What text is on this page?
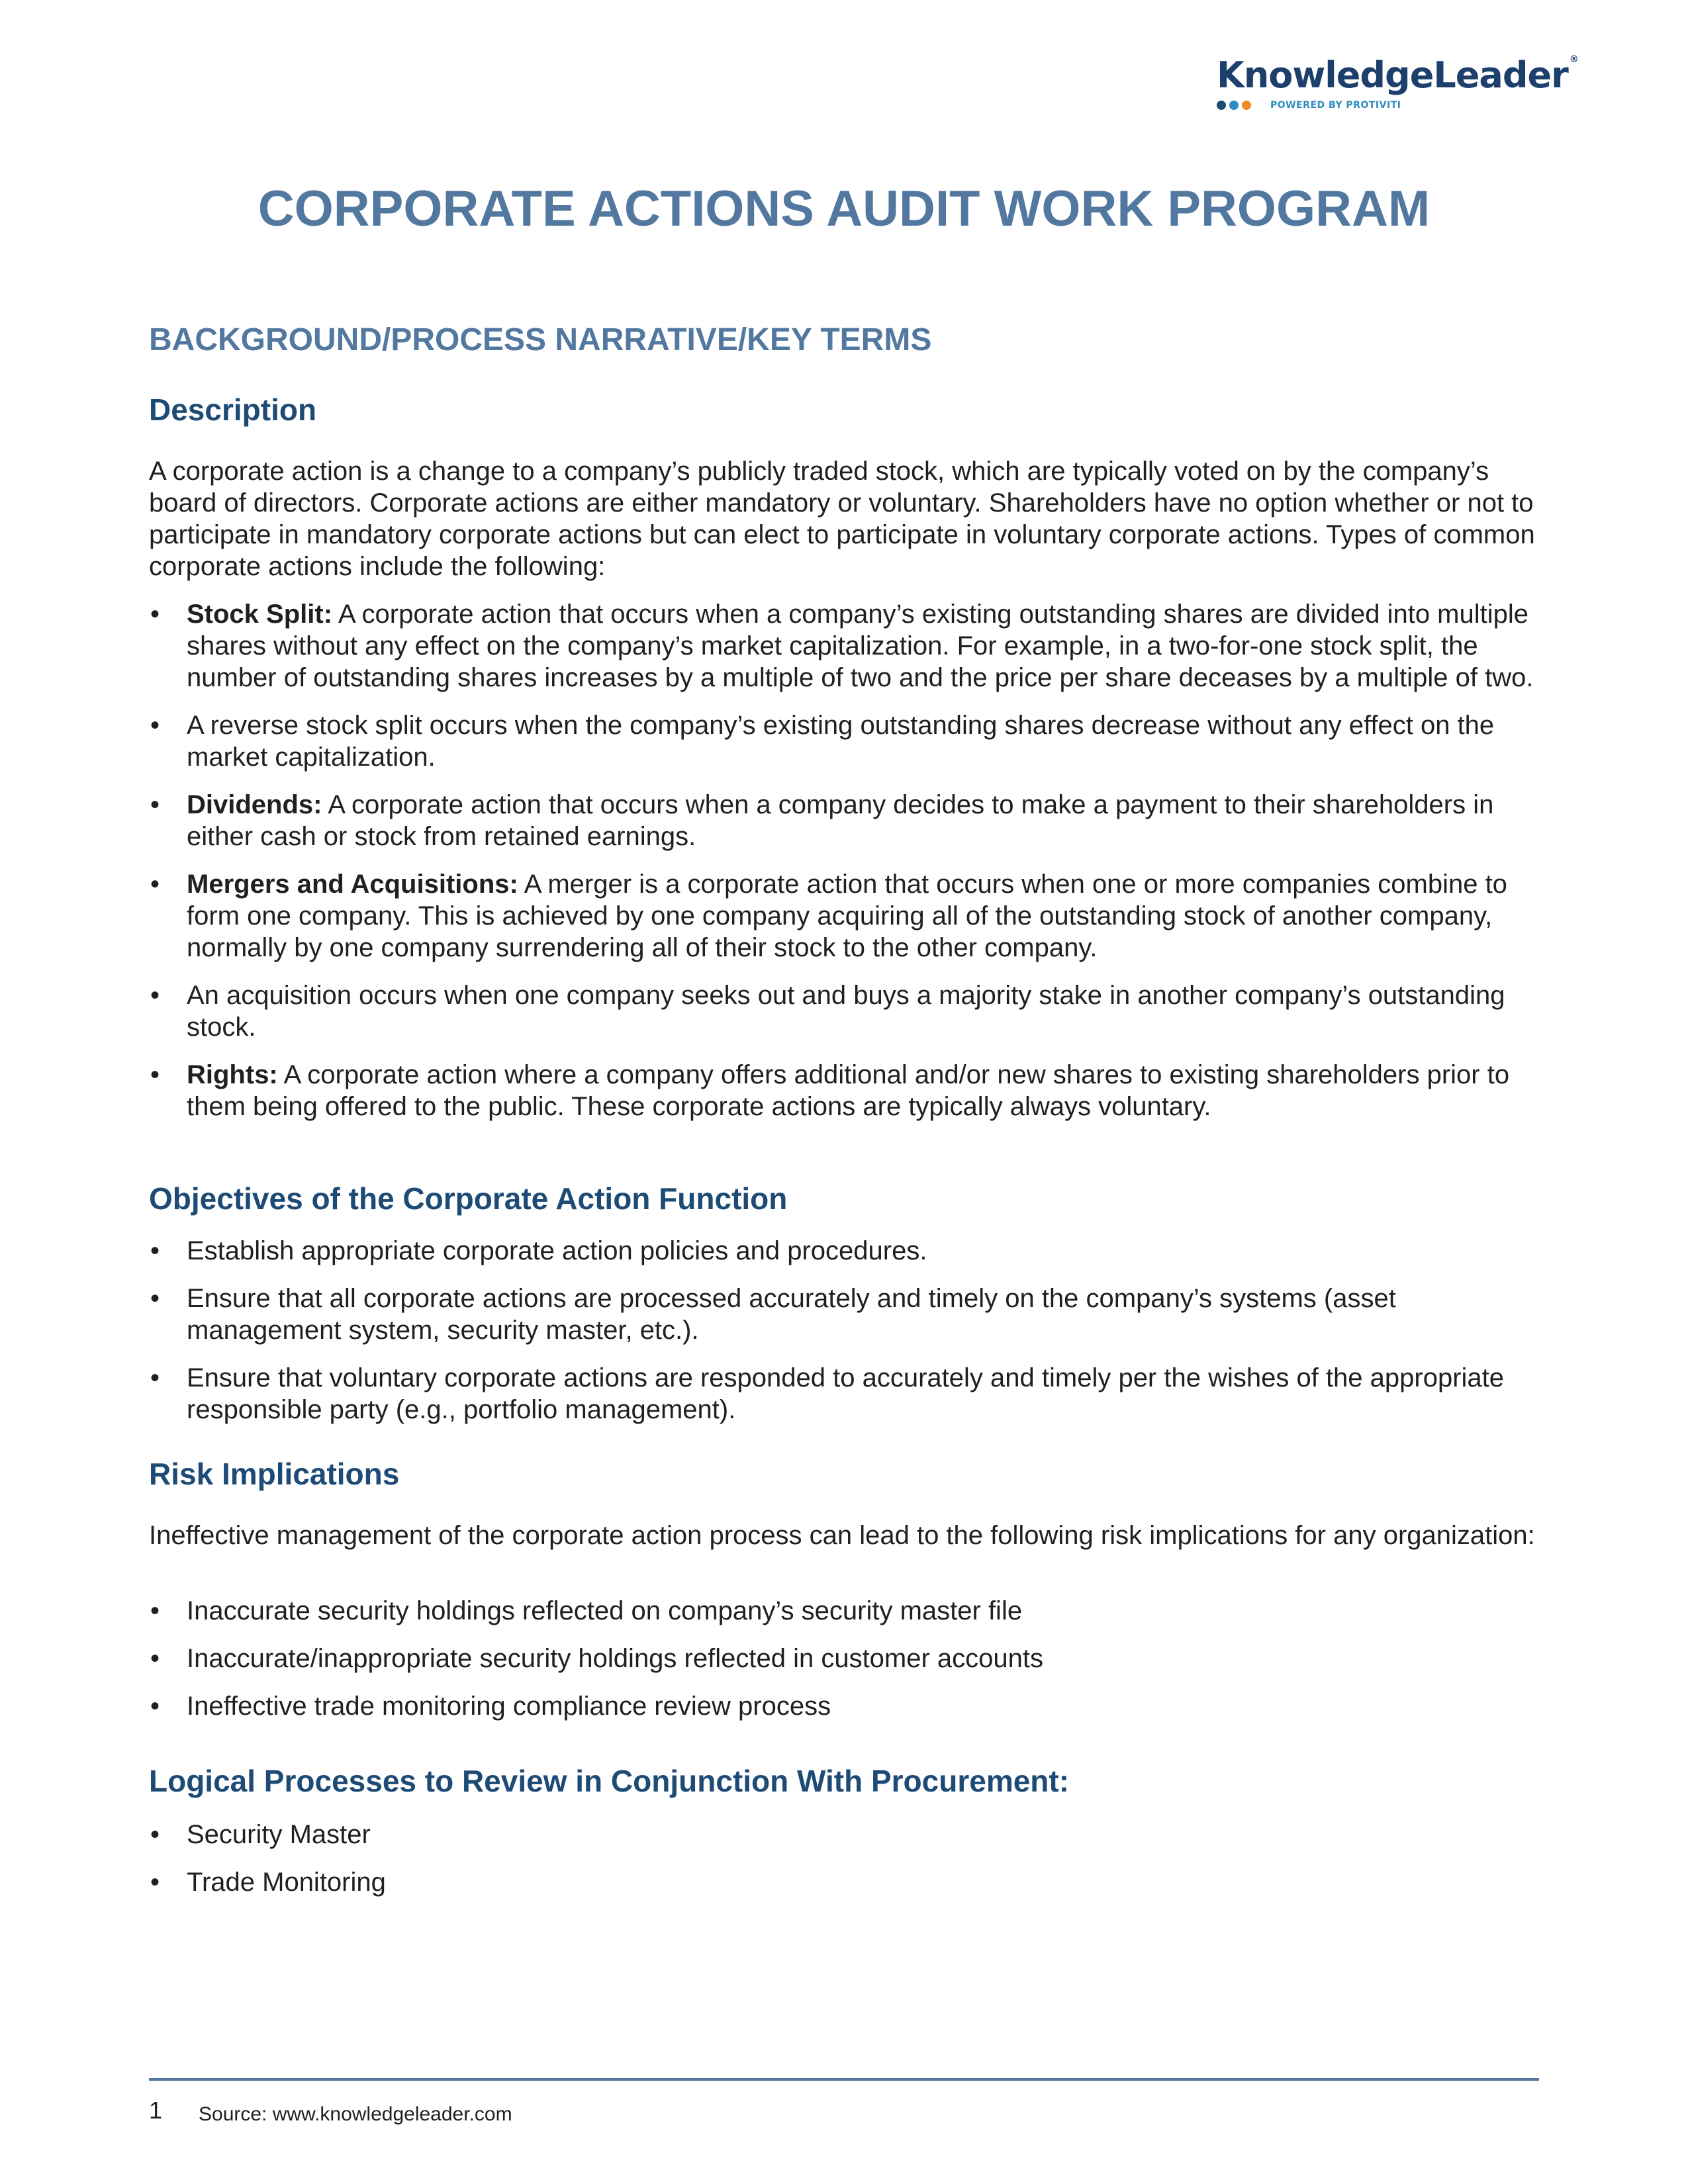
KnowledgeLeader ®
POWERED BY PROTIVITI
CORPORATE ACTIONS AUDIT WORK PROGRAM
BACKGROUND/PROCESS NARRATIVE/KEY TERMS
Description

A corporate action is a change to a company’s publicly traded stock, which are typically voted on by the company’s board of directors. Corporate actions are either mandatory or voluntary. Shareholders have no option whether or not to participate in mandatory corporate actions but can elect to participate in voluntary corporate actions. Types of common corporate actions include the following:

• Stock Split: A corporate action that occurs when a company’s existing outstanding shares are divided into multiple shares without any effect on the company’s market capitalization. For example, in a two-for-one stock split, the number of outstanding shares increases by a multiple of two and the price per share deceases by a multiple of two.
• A reverse stock split occurs when the company’s existing outstanding shares decrease without any effect on the market capitalization.
• Dividends: A corporate action that occurs when a company decides to make a payment to their shareholders in either cash or stock from retained earnings.
• Mergers and Acquisitions: A merger is a corporate action that occurs when one or more companies combine to form one company. This is achieved by one company acquiring all of the outstanding stock of another company, normally by one company surrendering all of their stock to the other company.
• An acquisition occurs when one company seeks out and buys a majority stake in another company’s outstanding stock.
• Rights: A corporate action where a company offers additional and/or new shares to existing shareholders prior to them being offered to the public. These corporate actions are typically always voluntary.
Objectives of the Corporate Action Function
• Establish appropriate corporate action policies and procedures.
• Ensure that all corporate actions are processed accurately and timely on the company’s systems (asset management system, security master, etc.).
• Ensure that voluntary corporate actions are responded to accurately and timely per the wishes of the appropriate responsible party (e.g., portfolio management).
Risk Implications

Ineffective management of the corporate action process can lead to the following risk implications for any organization:

• Inaccurate security holdings reflected on company’s security master file
• Inaccurate/inappropriate security holdings reflected in customer accounts
• Ineffective trade monitoring compliance review process
Logical Processes to Review in Conjunction With Procurement:
• Security Master
• Trade Monitoring
1 Source: www.knowledgeleader.com
